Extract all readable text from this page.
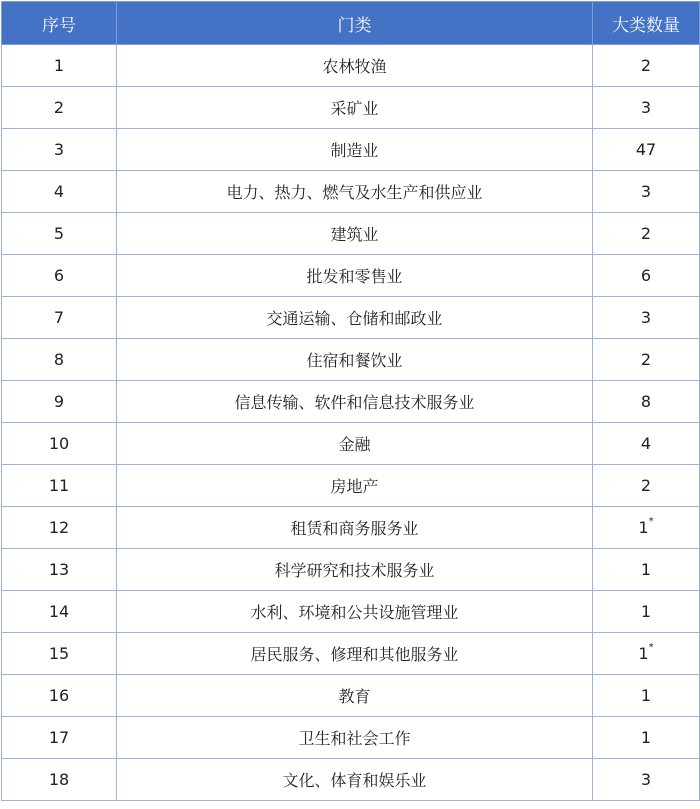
序号	门类	大类数量
1	农林牧渔	2
2	采矿业	3
3	制造业	47
4	电力、热力、燃气及水生产和供应业	3
5	建筑业	2
6	批发和零售业	6
7	交通运输、仓储和邮政业	3
8	住宿和餐饮业	2
9	信息传输、软件和信息技术服务业	8
10	金融	4
11	房地产	2
12	租赁和商务服务业	1*
13	科学研究和技术服务业	1
14	水利、环境和公共设施管理业	1
15	居民服务、修理和其他服务业	1*
16	教育	1
17	卫生和社会工作	1
18	文化、体育和娱乐业	3
